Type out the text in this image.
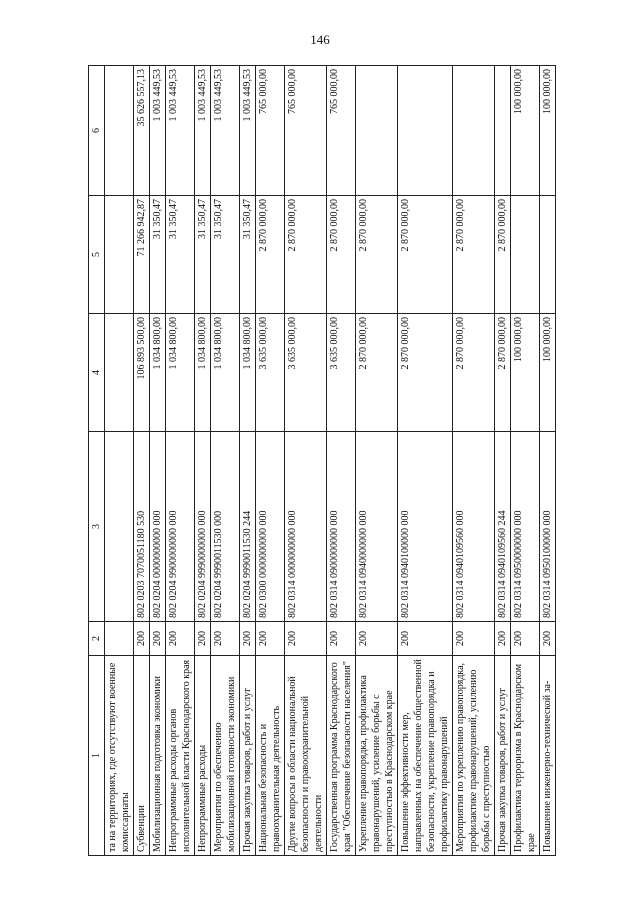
146
1	2	3	4	5	6
та на территориях, где отсутствуют военные комиссариаты					
Субвенции	200	802 0203 7070051180 530	106 893 500,00	71 266 942,87	35 626 557,13
Мобилизационная подготовка экономики	200	802 0204 0000000000 000	1 034 800,00	31 350,47	1 003 449,53
Непрограммные расходы органов исполнительной власти Краснодарского края	200	802 0204 9900000000 000	1 034 800,00	31 350,47	1 003 449,53
Непрограммные расходы	200	802 0204 9990000000 000	1 034 800,00	31 350,47	1 003 449,53
Мероприятия по обеспечению мобилизационной готовности экономики	200	802 0204 9990011530 000	1 034 800,00	31 350,47	1 003 449,53
Прочая закупка товаров, работ и услуг	200	802 0204 9990011530 244	1 034 800,00	31 350,47	1 003 449,53
Национальная безопасность и правоохранительная деятельность	200	802 0300 0000000000 000	3 635 000,00	2 870 000,00	765 000,00
Другие вопросы в области национальной безопасности и правоохранительной деятельности	200	802 0314 0000000000 000	3 635 000,00	2 870 000,00	765 000,00
Государственная программа Краснодарского края "Обеспечение безопасности населения"	200	802 0314 0900000000 000	3 635 000,00	2 870 000,00	765 000,00
Укрепление правопорядка, профилактика правонарушений, усиление борьбы с преступностью в Краснодарском крае	200	802 0314 0940000000 000	2 870 000,00	2 870 000,00	
Повышение эффективности мер, направленных на обеспечение общественной безопасности, укрепление правопорядка и профилактику правонарушений	200	802 0314 0940100000 000	2 870 000,00	2 870 000,00	
Мероприятия по укреплению правопорядка, профилактике правонарушений, усилению борьбы с преступностью	200	802 0314 0940109560 000	2 870 000,00	2 870 000,00	
Прочая закупка товаров, работ и услуг	200	802 0314 0940109560 244	2 870 000,00	2 870 000,00	
Профилактика терроризма в Краснодарском крае	200	802 0314 0950000000 000	100 000,00		100 000,00
Повышение инженерно-технической за-	200	802 0314 0950100000 000	100 000,00		100 000,00
